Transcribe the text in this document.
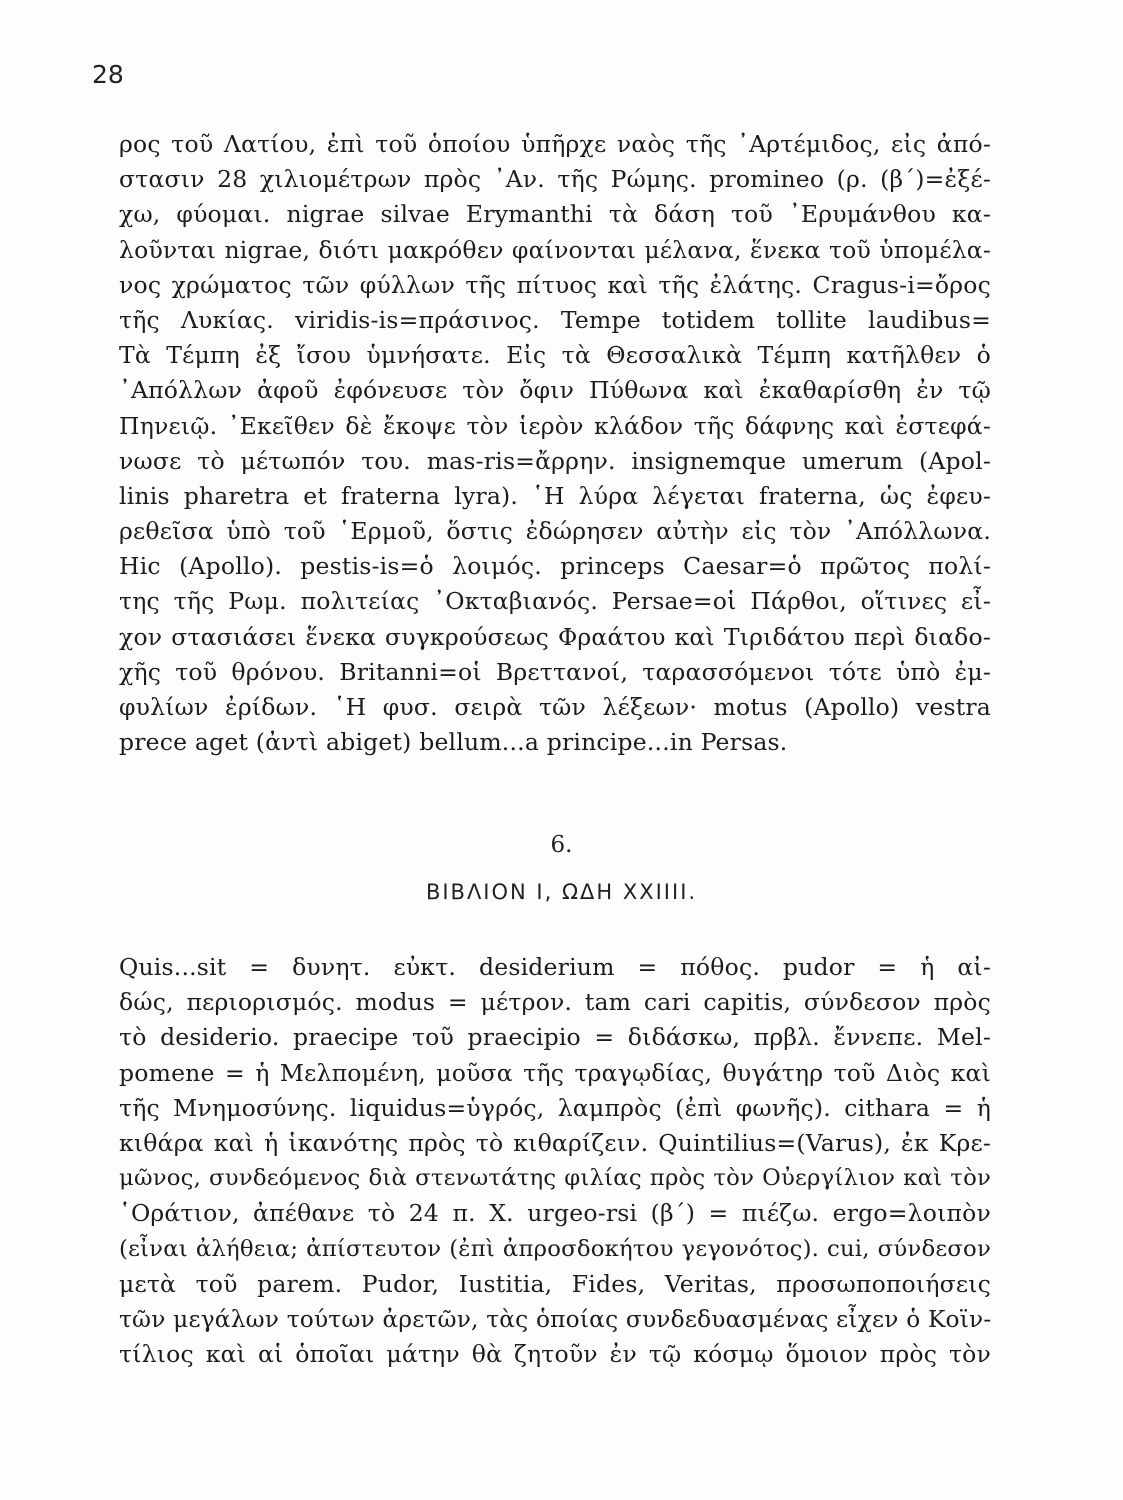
28
ρος τοῦ Λατίου, ἐπὶ τοῦ ὁποίου ὑπῆρχε ναὸς τῆς ᾿Αρτέμιδος, εἰς ἀπό-
στασιν 28 χιλιομέτρων πρὸς ᾿Αν. τῆς Ρώμης. promineo (ρ. (β΄)=ἐξέ-
χω, φύομαι. nigrae silvae Erymanthi τὰ δάση τοῦ ᾿Ερυμάνθου κα-
λοῦνται nigrae, διότι μακρόθεν φαίνονται μέλανα, ἕνεκα τοῦ ὑπομέλα-
νος χρώματος τῶν φύλλων τῆς πίτυος καὶ τῆς ἐλάτης. Cragus-i=ὄρος
τῆς Λυκίας. viridis-is=πράσινος. Tempe totidem tollite laudibus=
Τὰ Τέμπη ἐξ ἴσου ὑμνήσατε. Εἰς τὰ Θεσσαλικὰ Τέμπη κατῆλθεν ὁ
᾿Απόλλων ἀφοῦ ἐφόνευσε τὸν ὄφιν Πύθωνα καὶ ἐκαθαρίσθη ἐν τῷ
Πηνειῷ. ᾿Εκεῖθεν δὲ ἔκοψε τὸν ἱερὸν κλάδον τῆς δάφνης καὶ ἐστεφά-
νωσε τὸ μέτωπόν του. mas-ris=ἄρρην. insignemque umerum (Apol-
linis pharetra et fraterna lyra). ῾Η λύρα λέγεται fraterna, ὡς ἐφευ-
ρεθεῖσα ὑπὸ τοῦ ῾Ερμοῦ, ὅστις ἐδώρησεν αὐτὴν εἰς τὸν ᾿Απόλλωνα.
Hic (Apollo). pestis-is=ὁ λοιμός. princeps Caesar=ὁ πρῶτος πολί-
της τῆς Ρωμ. πολιτείας ᾿Οκταβιανός. Persae=οἱ Πάρθοι, οἵτινες εἶ-
χον στασιάσει ἕνεκα συγκρούσεως Φραάτου καὶ Τιριδάτου περὶ διαδο-
χῆς τοῦ θρόνου. Britanni=οἱ Βρεττανοί, ταρασσόμενοι τότε ὑπὸ ἐμ-
φυλίων ἐρίδων. ῾Η φυσ. σειρὰ τῶν λέξεων· motus (Apollo) vestra
prece aget (ἀντὶ abiget) bellum...a principe...in Persas.
6.
ΒΙΒΛΙΟΝ Ι, ΩΔΗ XXIIII.
Quis...sit = δυνητ. εὐκτ. desiderium = πόθος. pudor = ἡ αἰ-
δώς, περιορισμός. modus = μέτρον. tam cari capitis, σύνδεσον πρὸς
τὸ desiderio. praecipe τοῦ praecipio = διδάσκω, πρβλ. ἔννεπε. Mel-
pomene = ἡ Μελπομένη, μοῦσα τῆς τραγῳδίας, θυγάτηρ τοῦ Διὸς καὶ
τῆς Μνημοσύνης. liquidus=ὑγρός, λαμπρὸς (ἐπὶ φωνῆς). cithara = ἡ
κιθάρα καὶ ἡ ἱκανότης πρὸς τὸ κιθαρίζειν. Quintilius=(Varus), ἐκ Κρε-
μῶνος, συνδεόμενος διὰ στενωτάτης φιλίας πρὸς τὸν Οὐεργίλιον καὶ τὸν
῾Οράτιον, ἀπέθανε τὸ 24 π. Χ. urgeo-rsi (β΄) = πιέζω. ergo=λοιπὸν
(εἶναι ἀλήθεια; ἀπίστευτον (ἐπὶ ἀπροσδοκήτου γεγονότος). cui, σύνδεσον
μετὰ τοῦ parem. Pudor, Iustitia, Fides, Veritas, προσωποποιήσεις
τῶν μεγάλων τούτων ἀρετῶν, τὰς ὁποίας συνδεδυασμένας εἶχεν ὁ Κοϊν-
τίλιος καὶ αἱ ὁποῖαι μάτην θὰ ζητοῦν ἐν τῷ κόσμῳ ὅμοιον πρὸς τὸν
